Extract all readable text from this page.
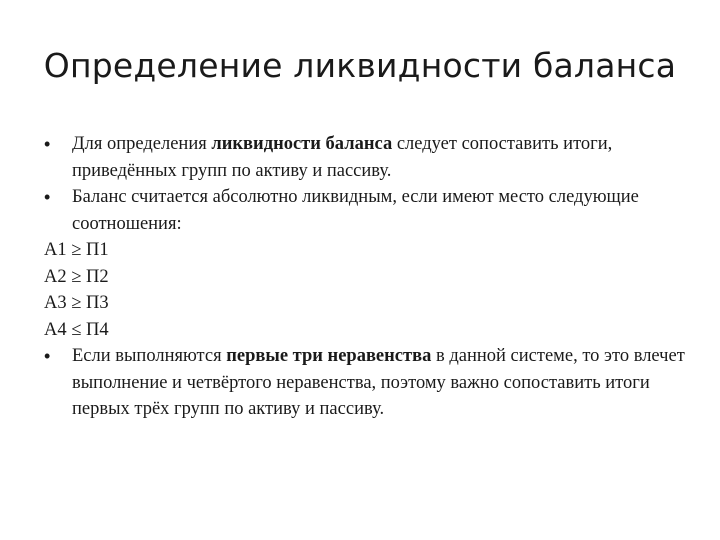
Определение ликвидности баланса
• Для определения ликвидности баланса следует сопоставить итоги, приведённых групп по активу и пассиву.
• Баланс считается абсолютно ликвидным, если имеют место следующие соотношения:
А1 ≥ П1
А2 ≥ П2
А3 ≥ П3
А4 ≤ П4
• Если выполняются первые три неравенства в данной системе, то это влечет выполнение и четвёртого неравенства, поэтому важно сопоставить итоги первых трёх групп по активу и пассиву.
